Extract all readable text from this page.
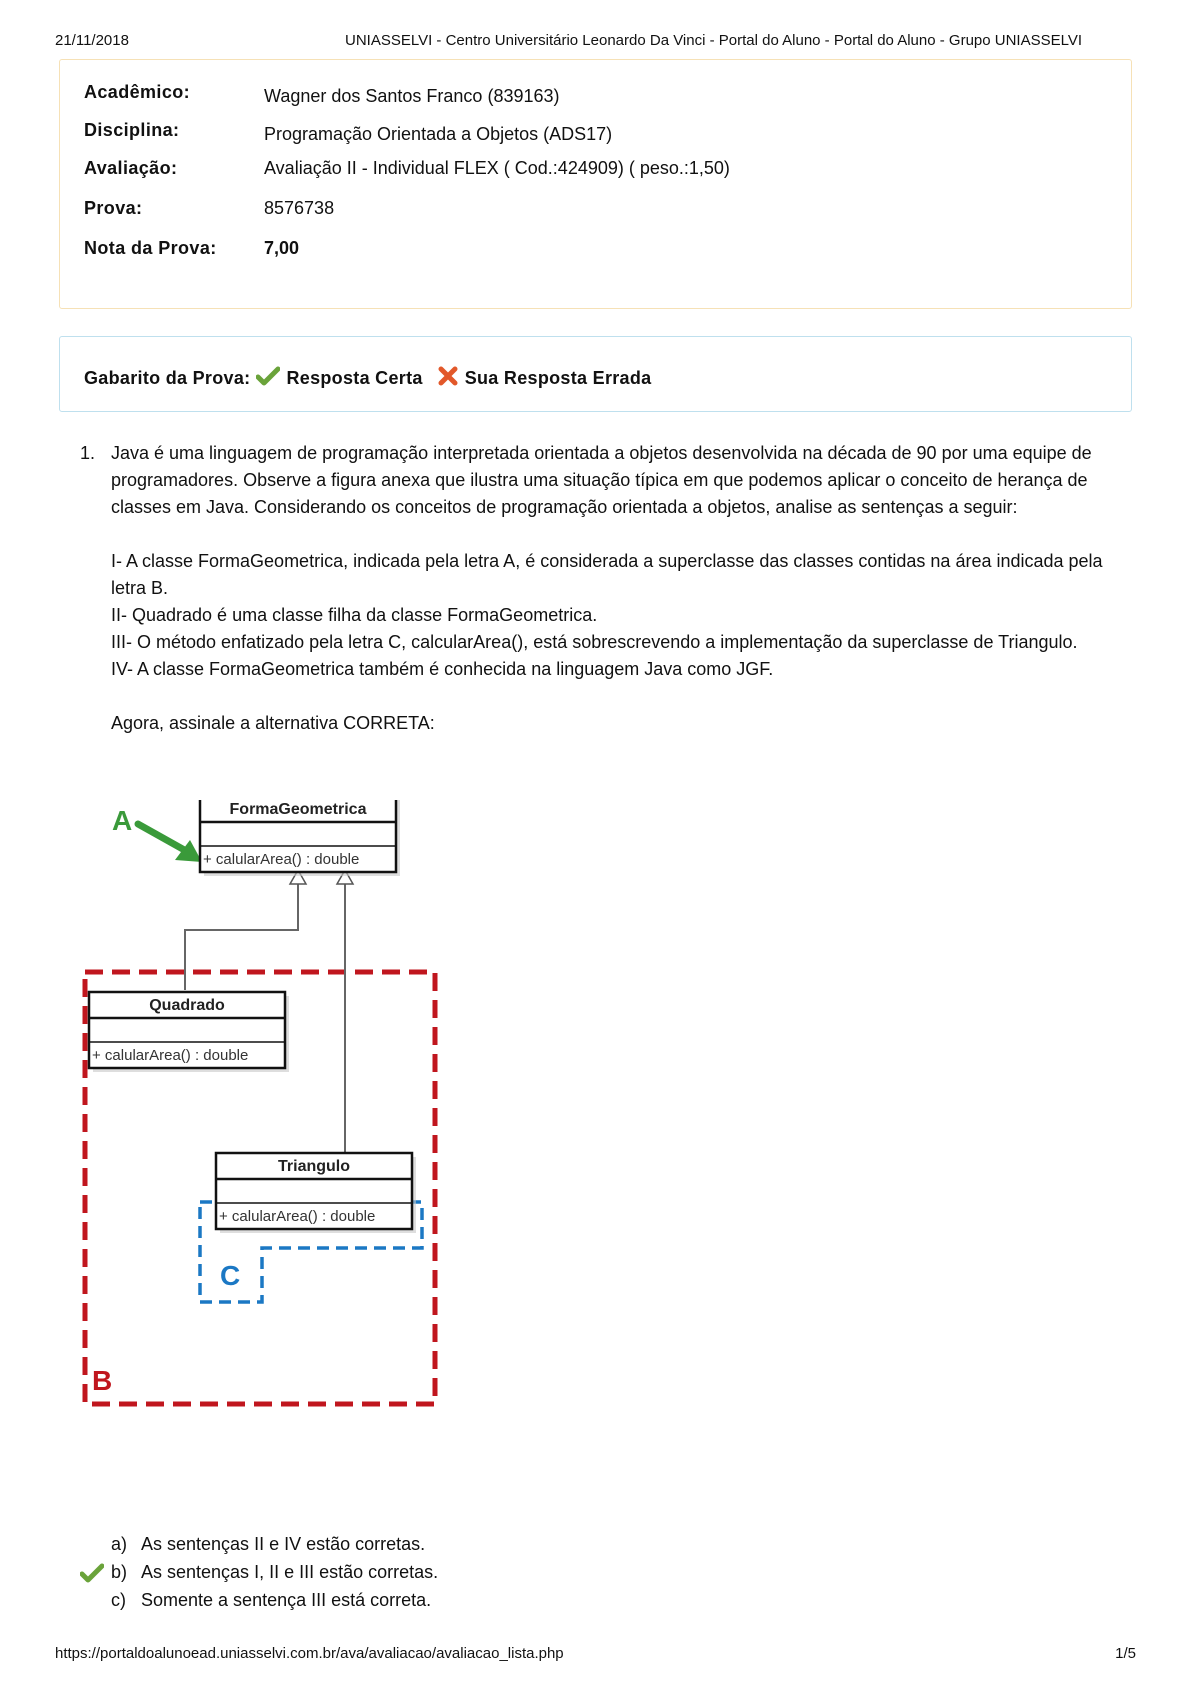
21/11/2018	UNIASSELVI - Centro Universitário Leonardo Da Vinci - Portal do Aluno - Portal do Aluno - Grupo UNIASSELVI
Acadêmico:	Wagner dos Santos Franco (839163)
Disciplina:	Programação Orientada a Objetos (ADS17)
Avaliação:	Avaliação II - Individual FLEX ( Cod.:424909) ( peso.:1,50)
Prova:	8576738
Nota da Prova:	7,00
Gabarito da Prova: Resposta Certa Sua Resposta Errada
1. Java é uma linguagem de programação interpretada orientada a objetos desenvolvida na década de 90 por uma equipe de programadores. Observe a figura anexa que ilustra uma situação típica em que podemos aplicar o conceito de herança de classes em Java. Considerando os conceitos de programação orientada a objetos, analise as sentenças a seguir:

I- A classe FormaGeometrica, indicada pela letra A, é considerada a superclasse das classes contidas na área indicada pela letra B.

II- Quadrado é uma classe filha da classe FormaGeometrica.

III- O método enfatizado pela letra C, calcularArea(), está sobrescrevendo a implementação da superclasse de Triangulo.

IV- A classe FormaGeometrica também é conhecida na linguagem Java como JGF.

Agora, assinale a alternativa CORRETA:

A
B
FormaGeometrica
+ calularArea() : double
Quadrado
+ calularArea() : double
C
Triangulo
+ calularArea() : double
a) As sentenças II e IV estão corretas.
b) As sentenças I, II e III estão corretas.
c) Somente a sentença III está correta.
https://portaldoalunoead.uniasselvi.com.br/ava/avaliacao/avaliacao_lista.php	1/5
